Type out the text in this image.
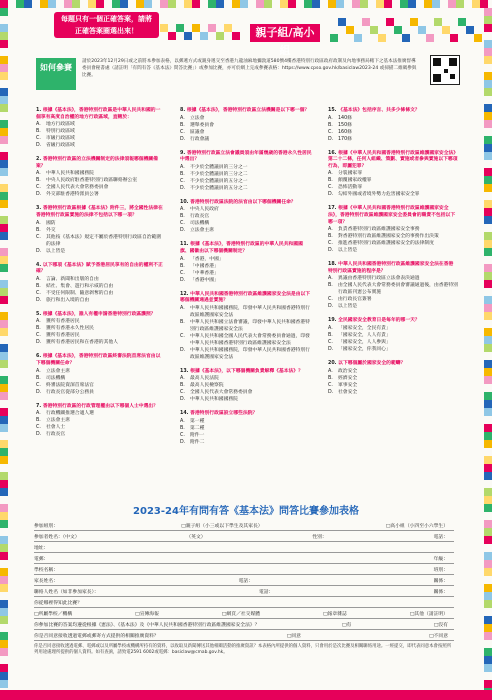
每題只有一個正確答案，請將正確答案圈選出來！	親子組/高小組
如何參賽
請於2023年12月29日或之前將本參加表格，以郵遞方式或親身遞交至香港九龍油麻地彌敦道580號4樓香港特別行政區政府政制及內地事務局轄下之基本法推廣督導委員會秘書處（請註明「有問有答《基本法》問答比賽」）或參加比賽，亦可於網上完成參賽表格：https://www.cpso.gov.hk/basiclaw2023-24 或掃描二維碼參與比賽。
1. 根據《基本法》，香港特別行政區是中華人民共和國的一個享有高度自治權的地方行政區域，直轄於：
A.	地方行政區域
B.	特別行政區域
C.	市級行政區域
D. 省級行政區域
2. 香港特別行政區的立法機關制定的法律須報哪個機關備案？
A.	中華人民共和國國務院
B.	中央人民政府駐香港特別行政區聯絡辦公室
C.	全國人民代表大會常務委員會
D. 外交部駐香港特派員公署
3. 香港特別行政區根據《基本法》附件三，將全國性法律在香港特別行政區實施的法律不包括以下哪一項？
A.	國防
B.	外交
C.	其他按《基本法》規定不屬於香港特別行政區自治範圍的法律
D. 以上皆是
4. 以下哪項《基本法》賦予香港居民享有的自由的權利不正確？
A.	言論、新聞和出版的自由
B.	結社、集會、遊行和示威的自由
C.	不受任何限制、隨意剝奪的自由
D. 旅行和出入境的自由
5. 根據《基本法》，誰人有權申請香港特別行政區護照？
A.	獲所有香港居民
B.	獲所有香港永久性居民
C.	獲所有香港居民
D. 獲所有香港居民和在香港的其他人
6. 根據《基本法》，香港特別行政區終審法院首席法官由以下哪個機關任命？
A.	立法會主席
B.	司法機構
C.	終審法院資深首席法官
D. 行政長官從部分公務員
7. 香港特別行政區的行政管理權由以下哪個人士中選出？
A.	行政機關推選合適人選
B.	立法會主席
C.	社會人士
D. 行政長官
8. 根據《基本法》，香港特別行政區立法機關是以下哪一個？
A.	立法會
B.	選舉委員會
C.	區議會
D. 行政會議
9. 香港特別行政區立法會議員須由年滿幾歲的香港永久性居民中選出？
A.	不少於全體議員的三分之一
B.	不少於全體議員的三分之二
C.	不少於全體議員的五分之一
D. 不少於全體議員的五分之二
10. 香港特別行政區法院的法官由以下哪個機關任命？
A.	中央人民政府
B.	行政長官
C.	司法機構
D. 立法會主席
11. 根據《基本法》，香港特別行政區的中華人民共和國國旗、國徽由以下哪個機關制定？
A.	「香港，中國」
B.	「中國香港」
C.	「中華香港」
D. 「香港中國」
12. 中華人民共和國香港特別行政區維護國家安全法是由以下哪個機關通過並實施？
A.	中華人民共和國國務院，印發中華人民共和國香港特別行政區維護國家安全法
B.	中華人民共和國立法會審議，印發中華人民共和國香港特別行政區維護國家安全法
C.	中華人民共和國全國人民代表大會常務委員會通過，印發中華人民共和國香港特別行政區維護國家安全法
D. 中華人民共和國國務院，印發中華人民共和國香港特別行政區維護國家安全法
13. 根據《基本法》，以下哪個機關負責解釋《基本法》？
A.	最高人民法院
B.	最高人民檢察院
C.	全國人民代表大會常務委員會
D. 中華人民共和國國務院
14. 香港特別行政區設立哪些法院？
A.	第一種
B.	第二種
C.	附件一
D. 附件二
15. 《基本法》包括序言、共多少條條文？
A.	140條
B.	150條
C.	160條
D. 170條
16. 根據《中華人民共和國香港特別行政區維護國家安全法》第二十二條，任何人組織、策劃、實施或者參與實施以下哪項行為，即屬犯罪？
A.	分裂國家罪
B.	顛覆國家政權罪
C.	恐怖活動罪
D. 勾結外國或者境外勢力危害國家安全罪
17. 根據《中華人民共和國香港特別行政區維護國家安全法》，香港特別行政區維護國家安全委員會的職責不包括以下哪一項？
A.	負責香港特別行政區維護國家安全事務
B.	對香港特別行政區維護國家安全的事務作出決策
C.	推進香港特別行政區維護國家安全的法律制度
D. 以上皆是
18. 中華人民共和國香港特別行政區維護國家安全法在香港特別行政區實施的程序是？
A.	異議由香港特別行政區立法會表決通過
B.	由全國人民代表大會常務委員會審議通過後，由香港特別行政區刊憲公布實施
C.	由行政長官簽署
D. 以上皆是
19. 全民國家安全教育日是每年的哪一天？
A.	「國家安全，全民有責」
B.	「國家安全，人人有責」
C.	「國家安全，人人參與」
D. 「國家安全，你我同心」
20. 以下哪個屬於國家安全的範疇？
A.	政治安全
B.	經濟安全
C.	軍事安全
D. 社會安全
2023-24年有問有答《基本法》問答比賽參加表格
參加組別：	□親子組（小三或以下學生及其家長）	□高小組（小四至小六學生）
參加者姓名：（中文）	（英文）	性別：	電話：
地址：
電郵：	年級：
學校名稱：	班別：
家長姓名：	電話：	關係：
聯絡人姓名（如非參加家長）：	電話：	關係：
你從哪裡得知此比賽？
□所屬學校／機構	□宣傳海報	□網頁／社交媒體	□報章雜誌	□其他（請註明）
你參加比賽的答案均遵從根據《憲法》、《基本法》及《中華人民共和國香港特別行政區維護國家安全法》？	□有	□沒有
你是否同意接收透過電郵或郵寄方式提供的相關推廣資料？	□同意	□不同意
你是否同意接收透過電郵、電郵或以及所屬學校或機構所持有的資料，以收取及新聞傳送其他相關活動的推廣資訊？本表格內所提供的個人資料，只會用於是次比賽及相關聯絡用途。一經提交，即代表同意本會按照所列用途處理所提供的個人資料。如有查詢，請致電2591 6002或電郵：basiclaw@cmab.gov.hk。
